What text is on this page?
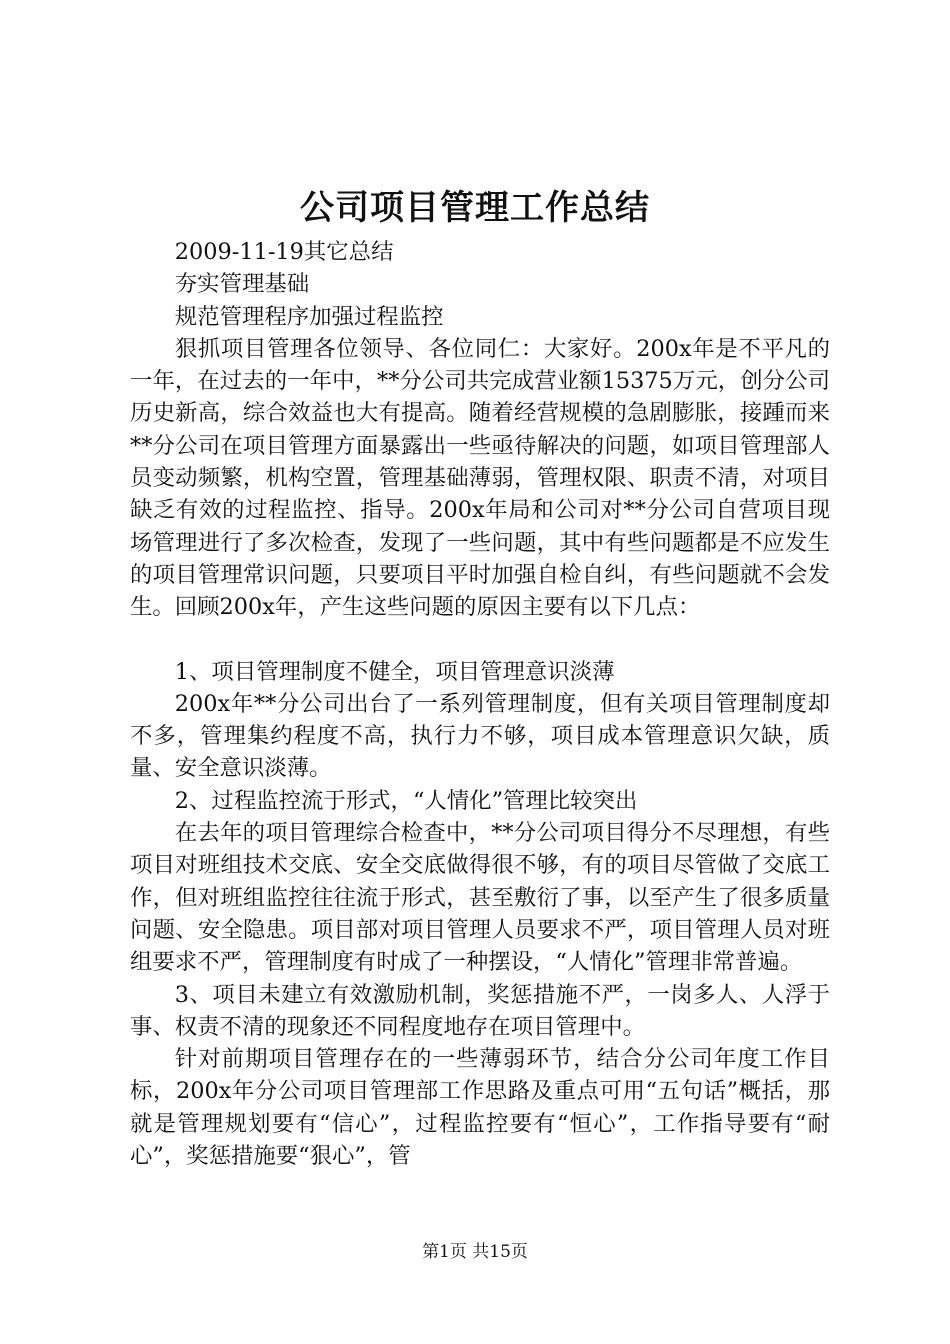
公司项目管理工作总结

2009-11-19其它总结

夯实管理基础

规范管理程序加强过程监控

狠抓项目管理各位领导、各位同仁：大家好。200x年是不平凡的一年，在过去的一年中，**分公司共完成营业额15375万元，创分公司历史新高，综合效益也大有提高。随着经营规模的急剧膨胀，接踵而来**分公司在项目管理方面暴露出一些亟待解决的问题，如项目管理部人员变动频繁，机构空置，管理基础薄弱，管理权限、职责不清，对项目缺乏有效的过程监控、指导。200x年局和公司对**分公司自营项目现场管理进行了多次检查，发现了一些问题，其中有些问题都是不应发生的项目管理常识问题，只要项目平时加强自检自纠，有些问题就不会发生。回顾200x年，产生这些问题的原因主要有以下几点：

1、项目管理制度不健全，项目管理意识淡薄

200x年**分公司出台了一系列管理制度，但有关项目管理制度却不多，管理集约程度不高，执行力不够，项目成本管理意识欠缺，质量、安全意识淡薄。

2、过程监控流于形式，“人情化”管理比较突出

在去年的项目管理综合检查中，**分公司项目得分不尽理想，有些项目对班组技术交底、安全交底做得很不够，有的项目尽管做了交底工作，但对班组监控往往流于形式，甚至敷衍了事，以至产生了很多质量问题、安全隐患。项目部对项目管理人员要求不严，项目管理人员对班组要求不严，管理制度有时成了一种摆设，“人情化”管理非常普遍。

3、项目未建立有效激励机制，奖惩措施不严，一岗多人、人浮于事、权责不清的现象还不同程度地存在项目管理中。

针对前期项目管理存在的一些薄弱环节，结合分公司年度工作目标，200x年分公司项目管理部工作思路及重点可用“五句话”概括，那就是管理规划要有“信心”，过程监控要有“恒心”，工作指导要有“耐心”，奖惩措施要“狠心”，管

第1页 共15页
